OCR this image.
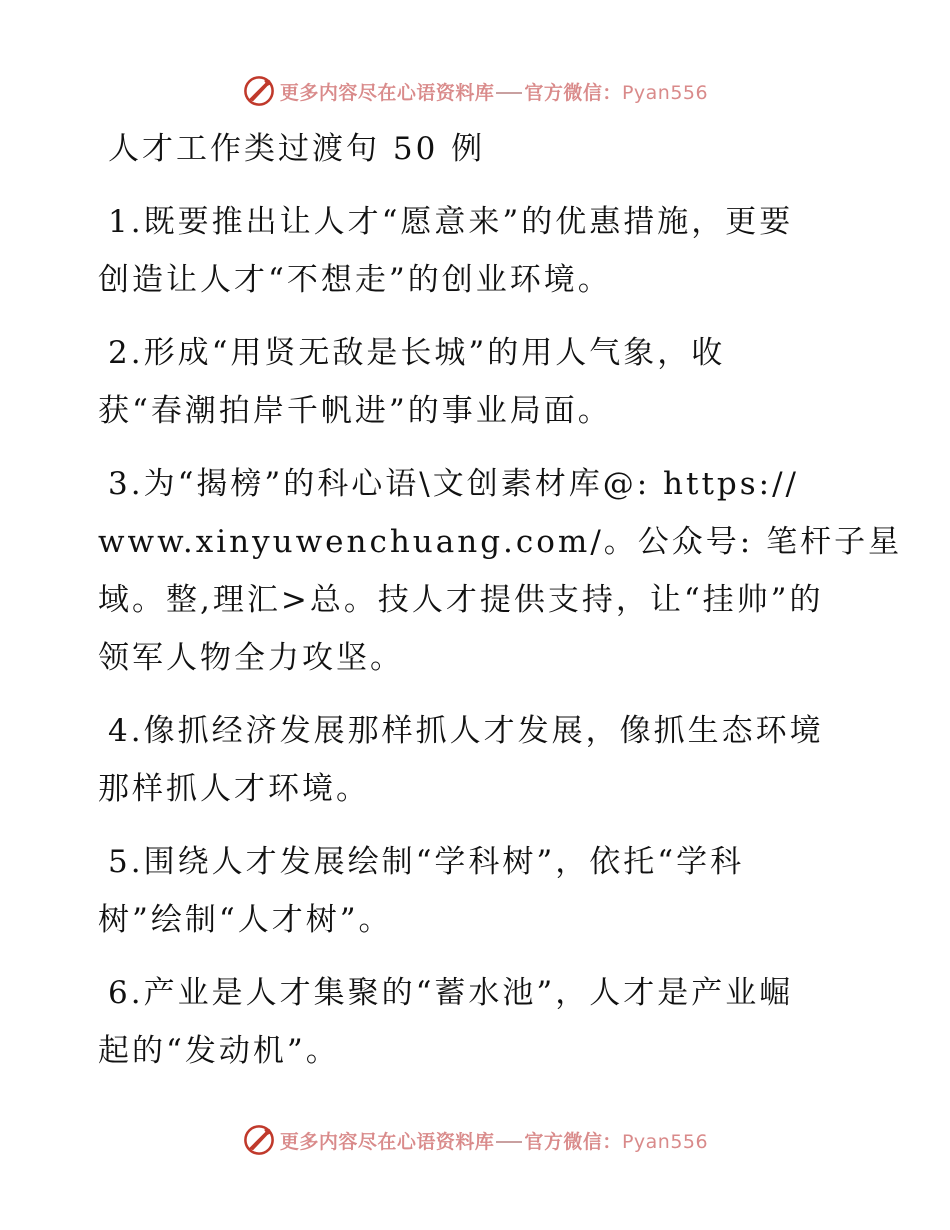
更多内容尽在心语资料库 官方微信：Pyan556
人才工作类过渡句 50 例
1.既要推出让人才“愿意来”的优惠措施，更要
创造让人才“不想走”的创业环境。
2.形成“用贤无敌是长城”的用人气象，收
获“春潮拍岸千帆进”的事业局面。
3.为“揭榜”的科心语\文创素材库@: https://
www.xinyuwenchuang.com/。公众号: 笔杆子星
域。整,理汇>总。技人才提供支持，让“挂帅”的
领军人物全力攻坚。
4.像抓经济发展那样抓人才发展，像抓生态环境
那样抓人才环境。
5.围绕人才发展绘制“学科树”，依托“学科
树”绘制“人才树”。
6.产业是人才集聚的“蓄水池”，人才是产业崛
起的“发动机”。
更多内容尽在心语资料库 官方微信：Pyan556
